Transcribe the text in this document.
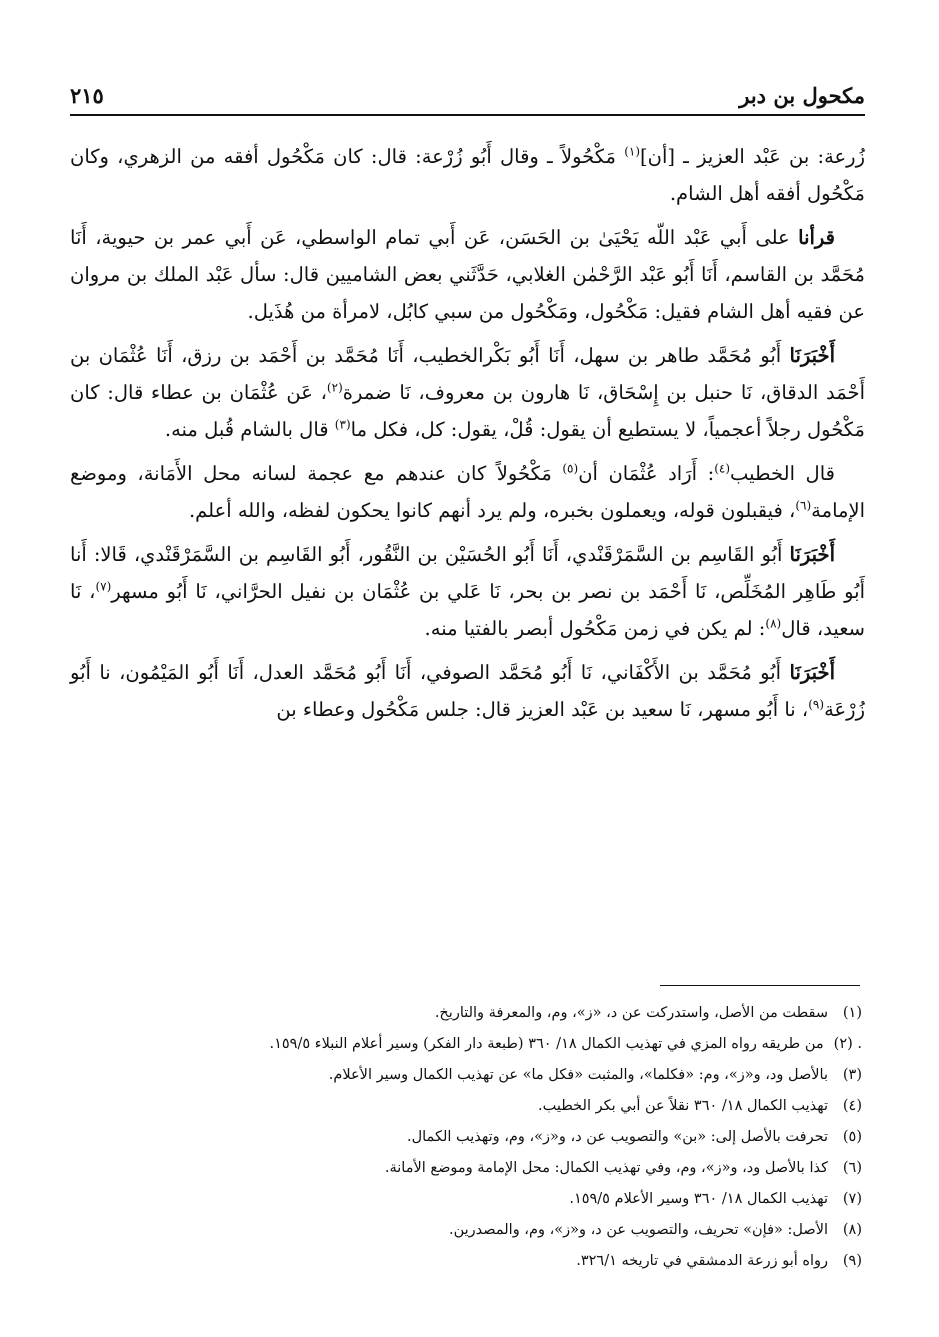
مكحول بن دبر
٢١٥

زُرعة: بن عَبْد العزيز ـ [أن]$^{(١)}$ مَكْحُولاً ـ وقال أَبُو زُرْعة: قال: كان مَكْحُول أفقه من الزهري، وكان مَكْحُول أفقه أهل الشام.

قرأنا على أَبي عَبْد اللّه يَحْيَىٰ بن الحَسَن، عَن أَبي تمام الواسطي، عَن أَبي عمر بن حيوية، أَنَا مُحَمَّد بن القاسم، أَنَا أَبُو عَبْد الرَّحْمٰن الغلابي، حَدَّثَني بعض الشاميين قال: سأل عَبْد الملك بن مروان عن فقيه أهل الشام فقيل: مَكْحُول، ومَكْحُول من سبي كابُل، لامرأة من هُذَيل.

أَخْبَرَنَا أَبُو مُحَمَّد طاهر بن سهل، أَنَا أَبُو بَكْرالخطيب، أَنَا مُحَمَّد بن أَحْمَد بن رزق، أَنَا عُثْمَان بن أَحْمَد الدقاق، نَا حنبل بن إِسْحَاق، نَا هارون بن معروف، نَا ضمرة$^{(٢)}$، عَن عُثْمَان بن عطاء قال: كان مَكْحُول رجلاً أعجمياً، لا يستطيع أن يقول: قُلْ، يقول: كل، فكل ما$^{(٣)}$ قال بالشام قُبل منه.

قال الخطيب$^{(٤)}$: أَرَاد عُثْمَان أن$^{(٥)}$ مَكْحُولاً كان عندهم مع عجمة لسانه محل الأَمَانة، وموضع الإمامة$^{(٦)}$، فيقبلون قوله، ويعملون بخبره، ولم يرد أنهم كانوا يحكون لفظه، والله أعلم.

أَخْبَرَنَا أَبُو القَاسِم بن السَّمَرْقَنْدي، أَنَا أَبُو الحُسَيْن بن النَّقُور، أَبُو القَاسِم بن السَّمَرْقَنْدي، قَالا: أَنا أَبُو طَاهِر المُخَلِّص، نَا أَحْمَد بن نصر بن بحر، نَا عَلي بن عُثْمَان بن نفيل الحرَّاني، نَا أَبُو مسهر$^{(٧)}$، نَا سعيد، قال$^{(٨)}$: لم يكن في زمن مَكْحُول أبصر بالفتيا منه.

أَخْبَرَنَا أَبُو مُحَمَّد بن الأَكْفَاني، نَا أَبُو مُحَمَّد الصوفي، أَنَا أَبُو مُحَمَّد العدل، أَنَا أَبُو المَيْمُون، نا أَبُو زُرْعَة$^{(٩)}$، نا أَبُو مسهر، نَا سعيد بن عَبْد العزيز قال: جلس مَكْحُول وعطاء بن

(١)
سقطت من الأصل، واستدركت عن د، «ز»، وم، والمعرفة والتاريخ.
. (٢)
من طريقه رواه المزي في تهذيب الكمال ١٨/ ٣٦٠ (طبعة دار الفكر) وسير أعلام النبلاء ١٥٩/٥.
(٣)
بالأصل ود، و«ز»، وم: «فكلما»، والمثبت «فكل ما» عن تهذيب الكمال وسير الأعلام.
(٤)
تهذيب الكمال ١٨/ ٣٦٠ نقلاً عن أبي بكر الخطيب.
(٥)
تحرفت بالأصل إلى: «بن» والتصويب عن د، و«ز»، وم، وتهذيب الكمال.
(٦)
كذا بالأصل ود، و«ز»، وم، وفي تهذيب الكمال: محل الإمامة وموضع الأمانة.
(٧)
تهذيب الكمال ١٨/ ٣٦٠ وسير الأعلام ١٥٩/٥.
(٨)
الأصل: «فإن» تحريف، والتصويب عن د، و«ز»، وم، والمصدرين.
(٩)
رواه أبو زرعة الدمشقي في تاريخه ٣٢٦/١.
